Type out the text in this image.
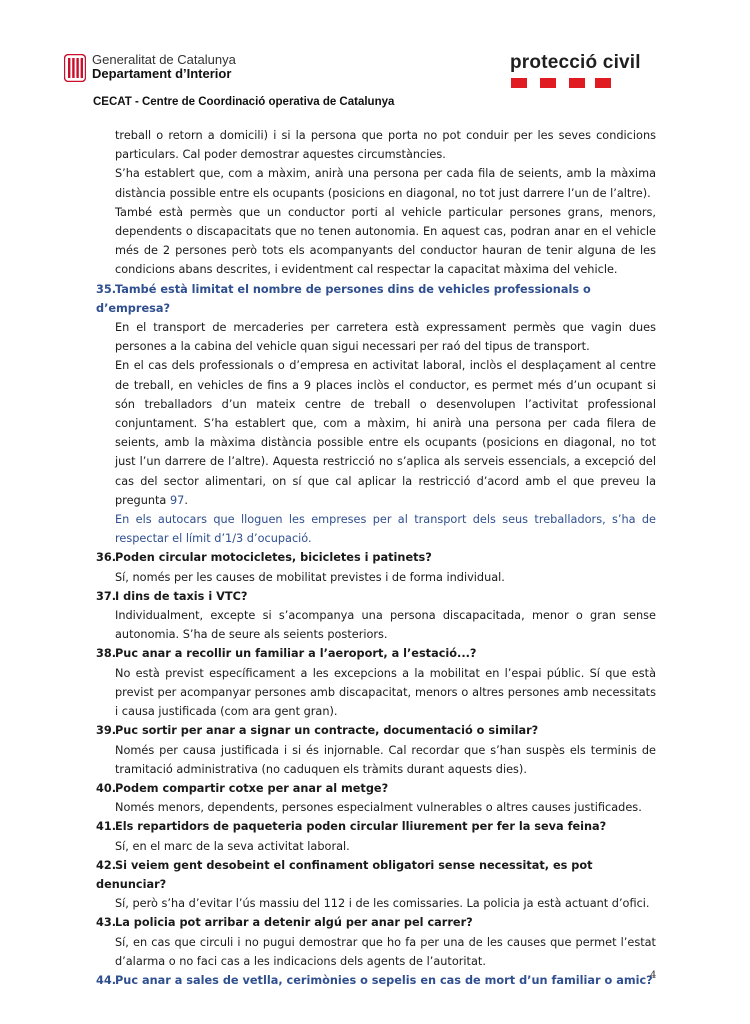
Generalitat de Catalunya
Departament d’Interior
protecció civil
CECAT - Centre de Coordinació operativa de Catalunya

treball o retorn a domicili) i si la persona que porta no pot conduir per les seves condicions particulars. Cal poder demostrar aquestes circumstàncies.

S’ha establert que, com a màxim, anirà una persona per cada fila de seients, amb la màxima distància possible entre els ocupants (posicions en diagonal, no tot just darrere l’un de l’altre).

També està permès que un conductor porti al vehicle particular persones grans, menors, dependents o discapacitats que no tenen autonomia. En aquest cas, podran anar en el vehicle més de 2 persones però tots els acompanyants del conductor hauran de tenir alguna de les condicions abans descrites, i evidentment cal respectar la capacitat màxima del vehicle.

35.També està limitat el nombre de persones dins de vehicles professionals o d’empresa?

En el transport de mercaderies per carretera està expressament permès que vagin dues persones a la cabina del vehicle quan sigui necessari per raó del tipus de transport.

En el cas dels professionals o d’empresa en activitat laboral, inclòs el desplaçament al centre de treball, en vehicles de fins a 9 places inclòs el conductor, es permet més d’un ocupant si són treballadors d’un mateix centre de treball o desenvolupen l’activitat professional conjuntament. S’ha establert que, com a màxim, hi anirà una persona per cada filera de seients, amb la màxima distància possible entre els ocupants (posicions en diagonal, no tot just l’un darrere de l’altre). Aquesta restricció no s’aplica als serveis essencials, a excepció del cas del sector alimentari, on sí que cal aplicar la restricció d’acord amb el que preveu la pregunta 97.

En els autocars que lloguen les empreses per al transport dels seus treballadors, s’ha de respectar el límit d’1/3 d’ocupació.

36.Poden circular motocicletes, bicicletes i patinets?

Sí, només per les causes de mobilitat previstes i de forma individual.

37.I dins de taxis i VTC?

Individualment, excepte si s’acompanya una persona discapacitada, menor o gran sense autonomia. S’ha de seure als seients posteriors.

38.Puc anar a recollir un familiar a l’aeroport, a l’estació...?

No està previst específicament a les excepcions a la mobilitat en l’espai públic. Sí que està previst per acompanyar persones amb discapacitat, menors o altres persones amb necessitats i causa justificada (com ara gent gran).

39.Puc sortir per anar a signar un contracte, documentació o similar?

Només per causa justificada i si és injornable. Cal recordar que s’han suspès els terminis de tramitació administrativa (no caduquen els tràmits durant aquests dies).

40.Podem compartir cotxe per anar al metge?

Només menors, dependents, persones especialment vulnerables o altres causes justificades.

41.Els repartidors de paqueteria poden circular lliurement per fer la seva feina?

Sí, en el marc de la seva activitat laboral.

42.Si veiem gent desobeint el confinament obligatori sense necessitat, es pot denunciar?

Sí, però s’ha d’evitar l’ús massiu del 112 i de les comissaries. La policia ja està actuant d’ofici.

43.La policia pot arribar a detenir algú per anar pel carrer?

Sí, en cas que circuli i no pugui demostrar que ho fa per una de les causes que permet l’estat d’alarma o no faci cas a les indicacions dels agents de l’autoritat.

44.Puc anar a sales de vetlla, cerimònies o sepelis en cas de mort d’un familiar o amic?

4
